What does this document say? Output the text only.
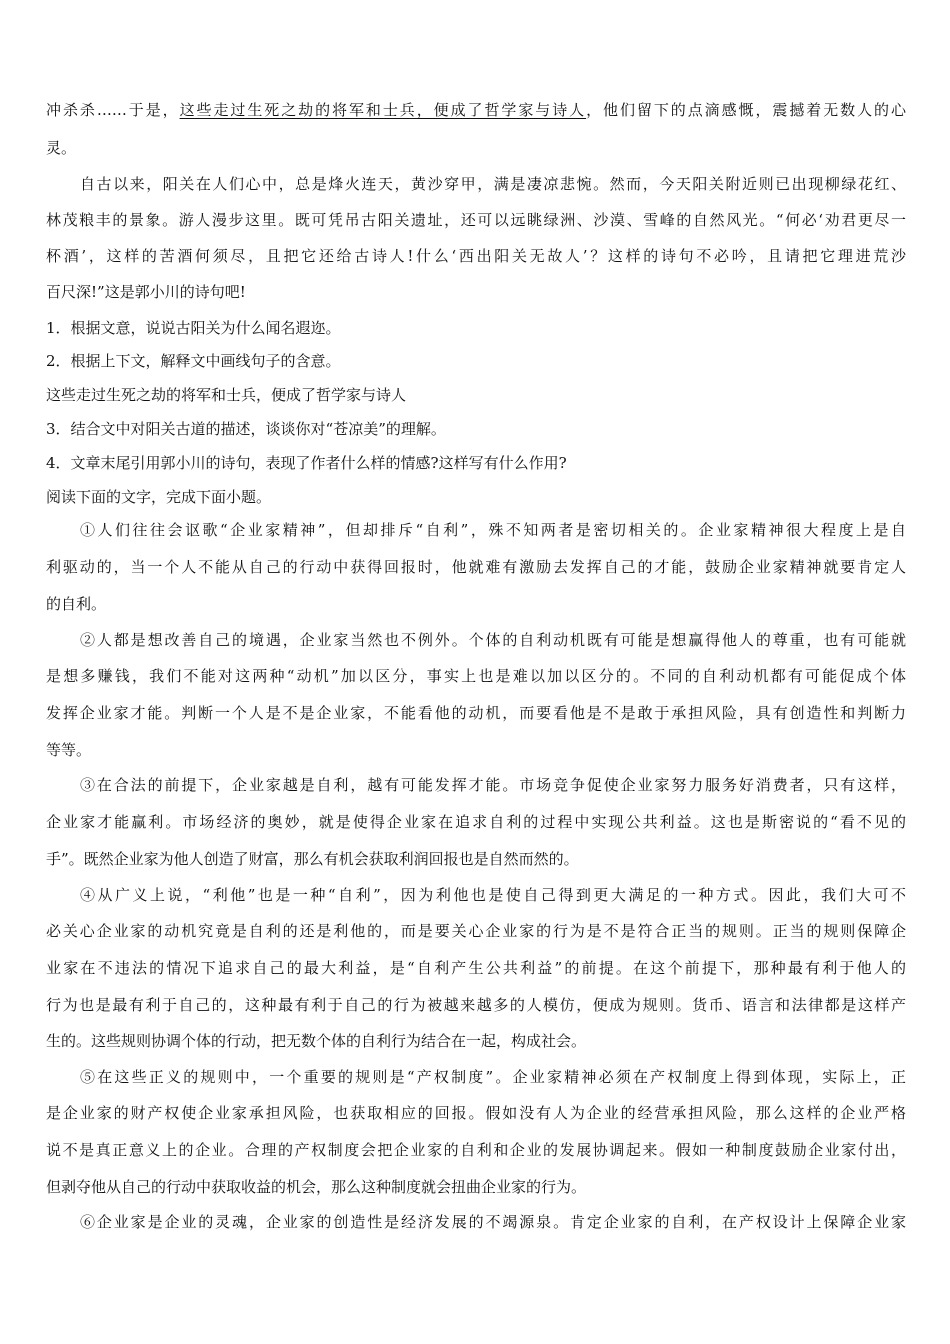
冲杀杀……于是，这些走过生死之劫的将军和士兵，便成了哲学家与诗人，他们留下的点滴感慨，震撼着无数人的心
灵。
自古以来，阳关在人们心中，总是烽火连天，黄沙穿甲，满是凄凉悲惋。然而，今天阳关附近则已出现柳绿花红、
林茂粮丰的景象。游人漫步这里。既可凭吊古阳关遗址，还可以远眺绿洲、沙漠、雪峰的自然风光。“何必‘劝君更尽一
杯酒’，这样的苦酒何须尽，且把它还给古诗人!什么‘西出阳关无故人’？这样的诗句不必吟，且请把它理进荒沙
百尺深!”这是郭小川的诗句吧!
1．根据文意，说说古阳关为什么闻名遐迩。
2．根据上下文，解释文中画线句子的含意。
这些走过生死之劫的将军和士兵，便成了哲学家与诗人
3．结合文中对阳关古道的描述，谈谈你对“苍凉美”的理解。
4．文章末尾引用郭小川的诗句，表现了作者什么样的情感?这样写有什么作用?
阅读下面的文字，完成下面小题。
①人们往往会讴歌“企业家精神”，但却排斥“自利”，殊不知两者是密切相关的。企业家精神很大程度上是自
利驱动的，当一个人不能从自己的行动中获得回报时，他就难有激励去发挥自己的才能，鼓励企业家精神就要肯定人
的自利。
②人都是想改善自己的境遇，企业家当然也不例外。个体的自利动机既有可能是想赢得他人的尊重，也有可能就
是想多赚钱，我们不能对这两种“动机”加以区分，事实上也是难以加以区分的。不同的自利动机都有可能促成个体
发挥企业家才能。判断一个人是不是企业家，不能看他的动机，而要看他是不是敢于承担风险，具有创造性和判断力
等等。
③在合法的前提下，企业家越是自利，越有可能发挥才能。市场竞争促使企业家努力服务好消费者，只有这样，
企业家才能赢利。市场经济的奥妙，就是使得企业家在追求自利的过程中实现公共利益。这也是斯密说的“看不见的
手”。既然企业家为他人创造了财富，那么有机会获取利润回报也是自然而然的。
④从广义上说，“利他”也是一种“自利”，因为利他也是使自己得到更大满足的一种方式。因此，我们大可不
必关心企业家的动机究竟是自利的还是利他的，而是要关心企业家的行为是不是符合正当的规则。正当的规则保障企
业家在不违法的情况下追求自己的最大利益，是“自利产生公共利益”的前提。在这个前提下，那种最有利于他人的
行为也是最有利于自己的，这种最有利于自己的行为被越来越多的人模仿，便成为规则。货币、语言和法律都是这样产
生的。这些规则协调个体的行动，把无数个体的自利行为结合在一起，构成社会。
⑤在这些正义的规则中，一个重要的规则是“产权制度”。企业家精神必须在产权制度上得到体现，实际上，正
是企业家的财产权使企业家承担风险，也获取相应的回报。假如没有人为企业的经营承担风险，那么这样的企业严格
说不是真正意义上的企业。合理的产权制度会把企业家的自利和企业的发展协调起来。假如一种制度鼓励企业家付出，
但剥夺他从自己的行动中获取收益的机会，那么这种制度就会扭曲企业家的行为。
⑥企业家是企业的灵魂，企业家的创造性是经济发展的不竭源泉。肯定企业家的自利，在产权设计上保障企业家
